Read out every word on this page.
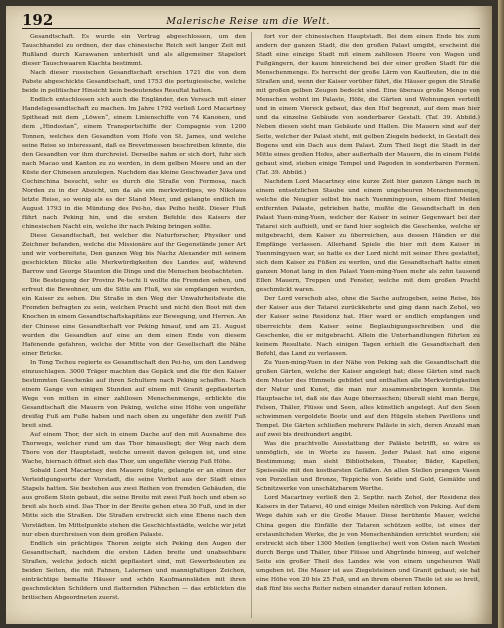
192	Malerische Reise um die Welt.

Gesandtschaft. Es wurde ein Vertrag abgeschlossen, um den Tauschhandel zu ordnen, der das chinesische Reich seit langer Zeit mit Rußland durch Karawanen unterhielt und als allgemeiner Stapelort dieser Tauschwaaren Kiachta bestimmt.

Nach dieser russischen Gesandtschaft erschien 1721 die von dem Pabste abgeschickte Gesandtschaft, und 1753 die portugiesische, welche beide in politischer Hinsicht kein bedeutendes Resultat hatten.

Endlich entschlossen sich auch die Engländer, den Versuch mit einer Handelsgesandtschaft zu machen. Im Jahre 1792 verließ Lord Macartney Spithead mit dem „Löwen“, einem Linienschiffe von 74 Kanonen, und dem „Hindostan“, einem Transportschiffe der Compagnie von 1200 Tonnen, welches den Gesandten vom Hofe von St. James, und welche seine Reise so interessant, daß es Brevetmessen beschreiben könnte, die den Gesandten vor ihm durchreist. Derselbe nahm er sich dort, fuhr sich nach Macao und Kanton zu zu werden, in dem gelben Meere und an der Küste der Chinesen anzulegen. Nachdem das kleine Geschwader Java und Cochinchina besucht, sehr es durch die Straße von Formosa, nach Norden zu in der Absicht, um da als ein merkwürdiges, wo Nikolaus letzte Reise, so wenig als es der Stand Meer, und gelangte endlich im August 1793 in die Mündung des Pei-ho, das Peiho heißt. Dieser Fluß führt nach Peking hin, und die ersten Befehle des Kaisers der chinesischen Nacht ein, welche ihr nach Peking bringen sollte.

Diese Gesandtschaft, bei welcher die Naturforscher, Physiker und Zeichner befanden, welche die Missionäre auf ihr Gegenstände jener Art und wir vorbereitete, Den ganzen Weg bis Nachz Alexander mit seinem geschickten Blicke alle Merkwürdigkeiten des Landes auf, während Barrow und George Staunton die Dinge und die Menschen beobachteten.

Die Besteigung der Provinz Pe-tschi li wollte die Fremden sehen, und erfreut die Bewohner, um die Sitte am Fluß, wo sie empfangen wurden, ein Kaiser zu sehen. Die Straße in den Weg der Unwahrheitsfeste die Fremden befragten zu sein, welchen Pracht und nicht den Boot mit den Knochen in einem Gesandtschaftskapitäns zur Bewegung, und Herren. An der Chinese eine Gesandtschaft vor Peking hinauf, und am 21. August wurden die Gesandten auf eine an dem einen Ende von diesem Hafenende gefahren, welche der Mitte von der Gesellschaft die Nähe einer Brücke.

In Tong Tscheu regierte es Gesandtschaft den Pei-ho, um den Landweg einzuschlagen. 3000 Träger machten das Gepäck und die für den Kaiser bestimmten Geschenke auf ihren Schultern nach Peking schaffen. Nach einem Gange von einigen Stunden auf einem mit Granit gepflasterten Wege von mitten in einer zahllosen Menschenmenge, erblickte die Gesandtschaft die Mauern von Peking, welche eine Höhe von ungefähr dreißig Fuß am Fuße haben und nach oben zu ungefähr den zwölf Fuß breit sind.

Auf einem Thor, der sich in einem Dache auf den mit Ausnahme des Thorwegs, welcher rund um das Thor hinausliegt; der Weg nach dem Thore von der Hauptstadt, welche unweit davon gelegen ist, und eine Wache, hiernach öffnet sich das Thor, um ungefähr vierzig Fuß Höhe.

Sobald Lord Macartney den Mauern folgte, gelangte er an einen der Verteidigungsorte der Vorstadt, die seine Vorhut aus der Stadt eines Stapels hatten. Sie bestehen aus zwei Reihen von fremden Gebäuden, die aus großem Stein gebaut, die seine Breite mit zwei Fuß hoch und eben so breit als hoch sind. Das Thor in der Breite gehen etwa 30 Fuß, und in der Mitte sich die Straßen. Die Straßen erstreckt sich eine Ebene nach den Vorstädten. Im Mittelpunkte stehen die Geschichtsstädte, welche wir jetzt nur eben durchreisen von dem großen Palaste.

Endlich ein prächtiges Thoren zeigte sich Peking den Augen der Gesandtschaft, nachdem die ersten Läden breite und unabsehbare Straßen, welche jedoch nicht gepflastert sind, mit Gewerbsleuten zu beiden Seiten, die mit Fahnen, Laternen und mannigfaltigen Zeichen, einträchtige bemalte Häuser und schön Kaufmannsläden mit ihren geschmückten Schildern und flatternden Fähnchen — das erblickten die britischen Abgeordneten zuerst.

fort vor der chinesischen Hauptstadt. Bei dem einen Ende bis zum andern der ganzen Stadt, die den großen Palast umgibt, erscheint die Stadt eine einzige Stadt mit einem zahllosen Heere von Wagen und Fußgängern, der kaum hinreichend bei der einer großen Stadt für die Menschenmenge. Es herrscht der große Lärm von Kaufleuten, die in die Straßen und, wenn der Kaiser vorüber fährt, die Häuser gegen die Straße mit großen gelben Zeugen bedeckt sind. Eine überaus große Menge von Menschen wohnt im Palaste, Höfe, die Gärten und Wohnungen verteilt und in einem Viereck gebaut, das den Hof begrenzt, auf dem man hier und da einzelne Gebäude von sonderbarer Gestalt. (Taf. 39. Abbild.) Neben diesen sieht man Gebäude und Hallen. Die Mauern sind auf der Seite, welcher der Palast steht, mit gelben Ziegeln bedeckt, in Gestalt des Bogens und ein Dach aus dem Palast. Zum Theil liegt die Stadt in der Mitte eines großen Hofes, aber außerhalb der Mauern, die in einem Felde gebaut sind, stehen einige Tempel und Pagoden in sonderbaren Formen. (Taf. 39. Abbild.)

Nachdem Lord Macartney eine kurze Zeit hier ganzen Länge nach in einem entsetzlichen Staube und einem ungeheuren Menschenmenge, welche die Neugier selbst bis nach Yuenmingyuen, einem fünf Meilen entfernten Palaste, getrieben hatte, mußte die Gesandtschaft in den Palast Yuen-ming-Yuen, welcher der Kaiser in seiner Gegenwart bei der Tatarei sich aufhielt, und er fand hier sogleich die Geschenke, welche er mitgebracht, dem Kaiser zu überreichen, aus dessen Händen er die Empfänge verlassen. Allerhand Spiele die hier mit dem Kaiser in Yuenmingyuen war, so hatte es der Lord nicht mit seiner Ehre gestattet, sich dem Kaiser zu Füßen zu werfen, und die Gesandtschaft hatte einen ganzen Monat lang in den Palast Yuen-ming-Yuen mehr als zehn tausend Ellen Mauern, Treppen und Fenster, welche mit dem großen Pracht geschmückt waren.

Der Lord verschob also, ohne die Sache aufzugeben, seine Reise, bis der Kaiser aus der Tatarei zurückkehrte und ging dann nach Zehol, wo der Kaiser seine Residenz hat. Hier ward er endlich empfangen und überreichte dem Kaiser seine Beglaubigungsschreiben und die Geschenke, die er mitgebracht. Allein die Unterhandlungen führten zu keinem Resultate. Nach einigen Tagen erhielt die Gesandtschaft den Befehl, das Land zu verlassen.

Zu Yuen-ming-Yuen in der Nähe von Peking sah die Gesandtschaft die großen Gärten, welche der Kaiser angelegt hat; diese Gärten sind nach dem Muster des Himmels gebildet und enthalten alle Merkwürdigkeiten der Natur und Kunst, die man nur zusammenbringen konnte. Die Hauptsache ist, daß sie das Auge überraschen; überall sieht man Berge, Felsen, Thäler, Flüsse und Seen, alles künstlich angelegt. Auf den Seen schwimmen vergoldete Boote und auf den Hügeln stehen Pavillons und Tempel. Die Gärten schließen mehrere Paläste in sich, deren Anzahl man auf zwei bis dreihundert angibt.

Was die prachtvolle Ausstattung der Paläste betrifft, so wäre es unmöglich, sie in Worte zu fassen. Jeder Palast hat eine eigene Bestimmung; man sieht Bibliotheken, Theater, Bäder, Kapellen, Speisesäle mit den kostbarsten Gefäßen. An allen Stellen prangen Vasen von Porzellan und Bronze, Teppiche von Seide und Gold, Gemälde und Schnitzwerke von unschätzbarem Werthe.

Lord Macartney verließ den 2. Septbr. nach Zehol, der Residenz des Kaisers in der Tatarei, 40 und einige Meilen nördlich von Peking. Auf dem Wege dahin sah er die Große Mauer. Diese berühmte Mauer, welche China gegen die Einfälle der Tataren schützen sollte, ist eines der erstaunlichsten Werke, die je von Menschenhänden errichtet wurden; sie erstreckt sich über 1300 Meilen (englische) weit von Osten nach Westen durch Berge und Thäler, über Flüsse und Abgründe hinweg, auf welcher Seite ein großer Theil des Landes wie von einem ungeheuren Wall umgeben ist. Die Mauer ist aus Ziegelsteinen und Granit gebaut; sie hat eine Höhe von 20 bis 25 Fuß, und an ihrem oberen Theile ist sie so breit, daß fünf bis sechs Reiter neben einander darauf reiten können.
